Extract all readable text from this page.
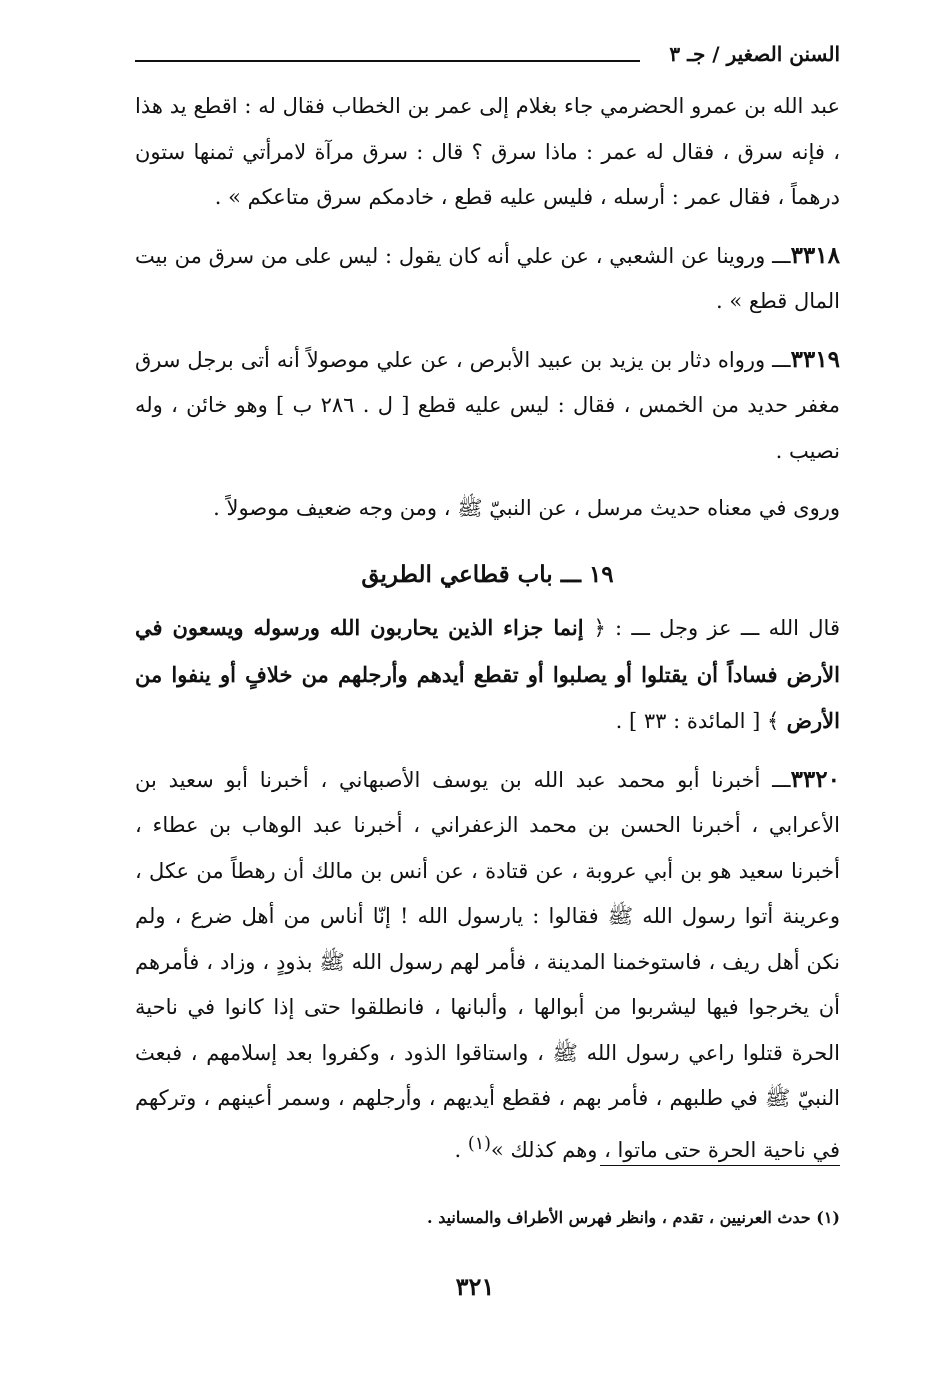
السنن الصغير / جـ ٣

عبد الله بن عمرو الحضرمي جاء بغلام إلى عمر بن الخطاب فقال له : اقطع يد هذا ، فإنه سرق ، فقال له عمر : ماذا سرق ؟ قال : سرق مرآة لامرأتي ثمنها ستون درهماً ، فقال عمر : أرسله ، فليس عليه قطع ، خادمكم سرق متاعكم » .

٣٣١٨ـــ وروينا عن الشعبي ، عن علي أنه كان يقول : ليس على من سرق من بيت المال قطع » .

٣٣١٩ـــ ورواه دثار بن يزيد بن عبيد الأبرص ، عن علي موصولاً أنه أتى برجل سرق مغفر حديد من الخمس ، فقال : ليس عليه قطع [ ل . ٢٨٦ ب ] وهو خائن ، وله نصيب .

وروى في معناه حديث مرسل ، عن النبيّ ﷺ ، ومن وجه ضعيف موصولاً .

١٩ ـــ باب قطاعي الطريق

قال الله ـــ عز وجل ـــ : ﴿ إنما جزاء الذين يحاربون الله ورسوله ويسعون في الأرض فساداً أن يقتلوا أو يصلبوا أو تقطع أيدهم وأرجلهم من خلافٍ أو ينفوا من الأرض ﴾ [ المائدة : ٣٣ ] .

٣٣٢٠ـــ أخبرنا أبو محمد عبد الله بن يوسف الأصبهاني ، أخبرنا أبو سعيد بن الأعرابي ، أخبرنا الحسن بن محمد الزعفراني ، أخبرنا عبد الوهاب بن عطاء ، أخبرنا سعيد هو بن أبي عروبة ، عن قتادة ، عن أنس بن مالك أن رهطاً من عكل ، وعرينة أتوا رسول الله ﷺ فقالوا : يارسول الله ! إنّا أناس من أهل ضرع ، ولم نكن أهل ريف ، فاستوخمنا المدينة ، فأمر لهم رسول الله ﷺ بذودٍ ، وزاد ، فأمرهم أن يخرجوا فيها ليشربوا من أبوالها ، وألبانها ، فانطلقوا حتى إذا كانوا في ناحية الحرة قتلوا راعي رسول الله ﷺ ، واستاقوا الذود ، وكفروا بعد إسلامهم ، فبعث النبيّ ﷺ في طلبهم ، فأمر بهم ، فقطع أيديهم ، وأرجلهم ، وسمر أعينهم ، وتركهم في ناحية الحرة حتى ماتوا ، وهم كذلك »$^{(١)}$ .

(١) حدث العرنيين ، تقدم ، وانظر فهرس الأطراف والمسانيد .
٣٢١
